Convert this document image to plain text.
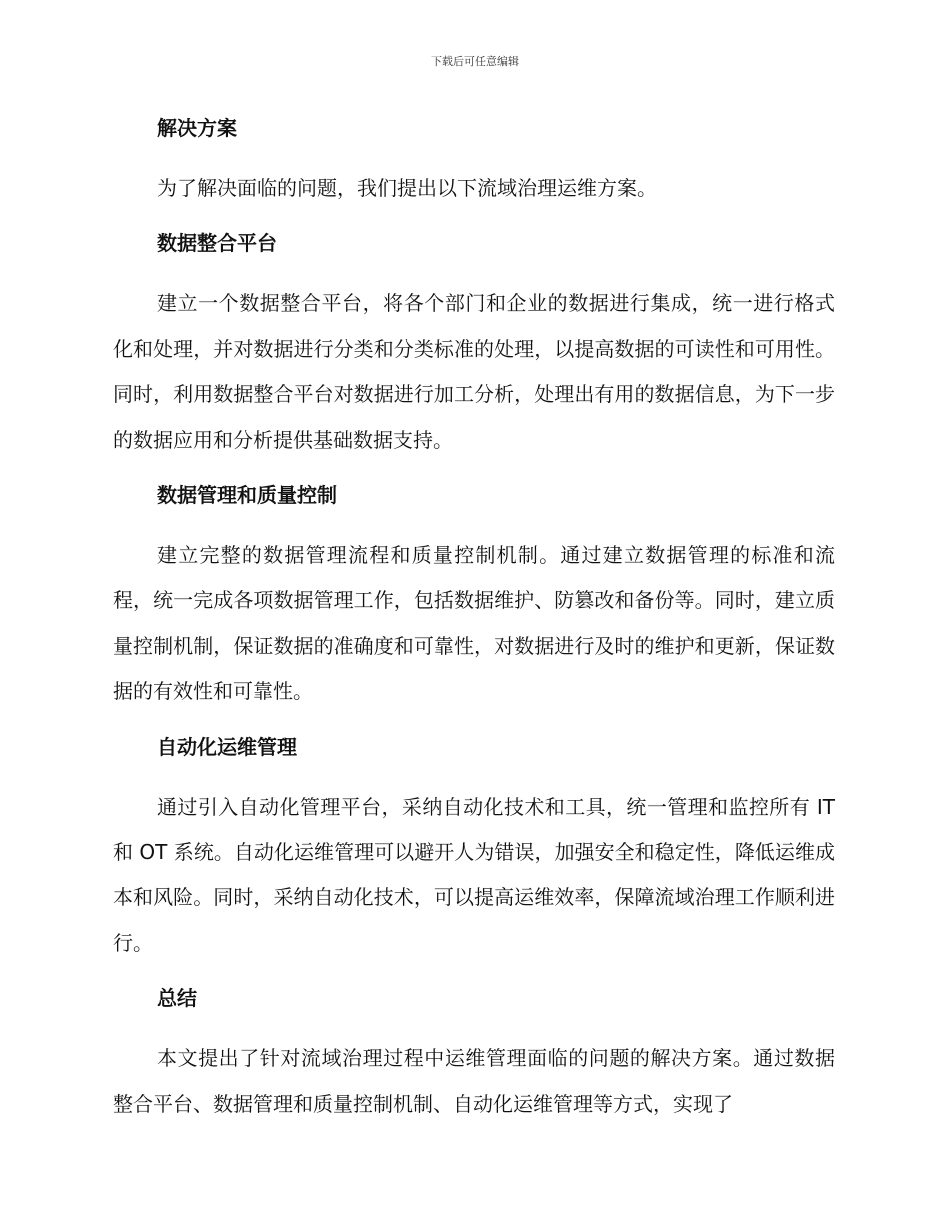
下载后可任意编辑
解决方案

为了解决面临的问题，我们提出以下流域治理运维方案。

数据整合平台

建立一个数据整合平台，将各个部门和企业的数据进行集成，统一进行格式化和处理，并对数据进行分类和分类标准的处理，以提高数据的可读性和可用性。同时，利用数据整合平台对数据进行加工分析，处理出有用的数据信息，为下一步的数据应用和分析提供基础数据支持。

数据管理和质量控制

建立完整的数据管理流程和质量控制机制。通过建立数据管理的标准和流程，统一完成各项数据管理工作，包括数据维护、防篡改和备份等。同时，建立质量控制机制，保证数据的准确度和可靠性，对数据进行及时的维护和更新，保证数据的有效性和可靠性。

自动化运维管理

通过引入自动化管理平台，采纳自动化技术和工具，统一管理和监控所有 IT 和 OT 系统。自动化运维管理可以避开人为错误，加强安全和稳定性，降低运维成本和风险。同时，采纳自动化技术，可以提高运维效率，保障流域治理工作顺利进行。

总结

本文提出了针对流域治理过程中运维管理面临的问题的解决方案。通过数据整合平台、数据管理和质量控制机制、自动化运维管理等方式，实现了
